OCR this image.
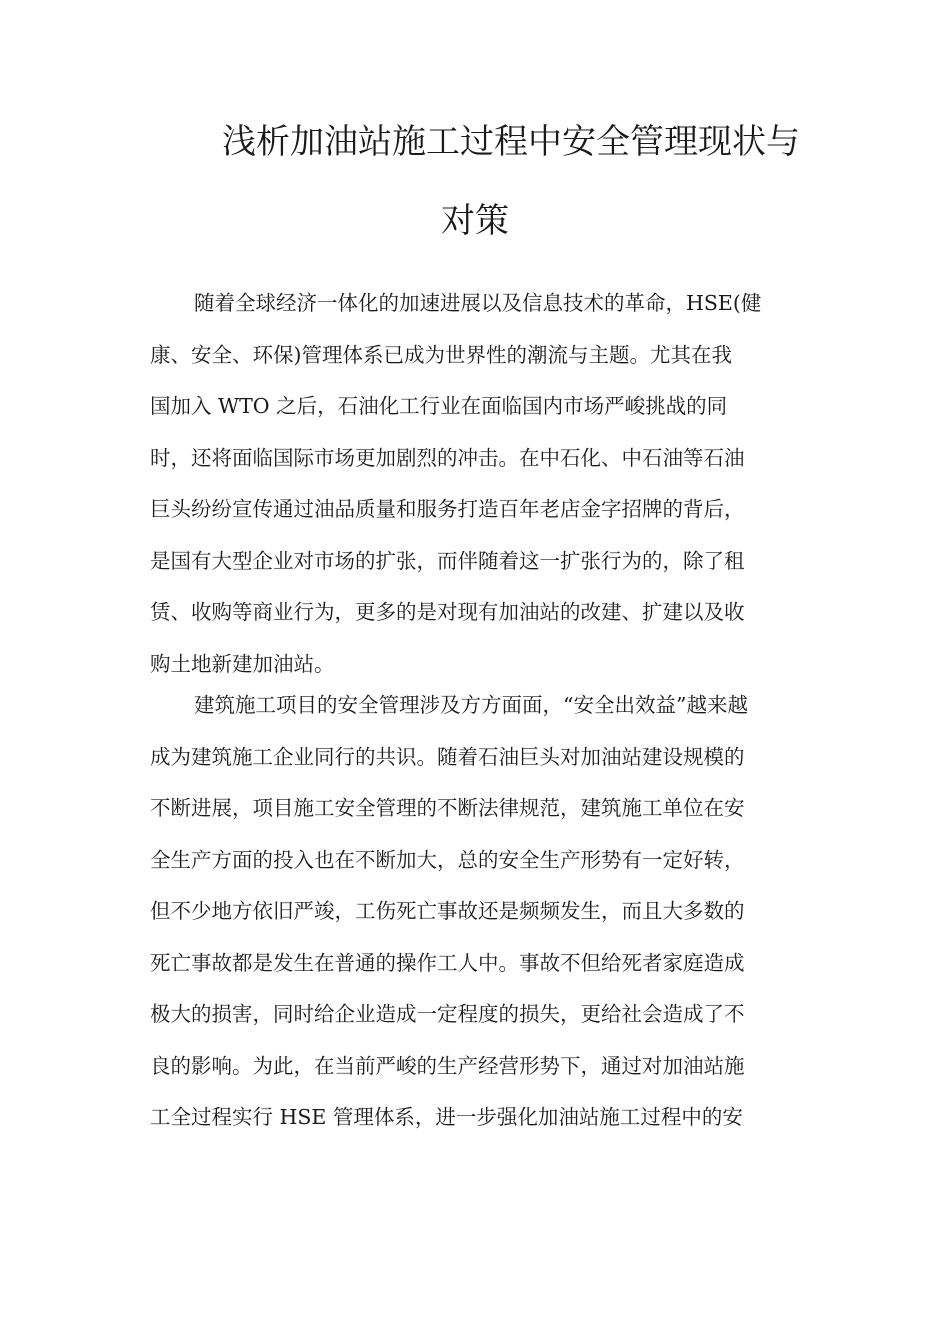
浅析加油站施工过程中安全管理现状与
对策
随着全球经济一体化的加速进展以及信息技术的革命，HSE(健
康、安全、环保)管理体系已成为世界性的潮流与主题。尤其在我
国加入 WTO 之后，石油化工行业在面临国内市场严峻挑战的同
时，还将面临国际市场更加剧烈的冲击。在中石化、中石油等石油
巨头纷纷宣传通过油品质量和服务打造百年老店金字招牌的背后，
是国有大型企业对市场的扩张，而伴随着这一扩张行为的，除了租
赁、收购等商业行为，更多的是对现有加油站的改建、扩建以及收
购土地新建加油站。
建筑施工项目的安全管理涉及方方面面，“安全出效益”越来越
成为建筑施工企业同行的共识。随着石油巨头对加油站建设规模的
不断进展，项目施工安全管理的不断法律规范，建筑施工单位在安
全生产方面的投入也在不断加大，总的安全生产形势有一定好转，
但不少地方依旧严竣，工伤死亡事故还是频频发生，而且大多数的
死亡事故都是发生在普通的操作工人中。事故不但给死者家庭造成
极大的损害，同时给企业造成一定程度的损失，更给社会造成了不
良的影响。为此，在当前严峻的生产经营形势下，通过对加油站施
工全过程实行 HSE 管理体系，进一步强化加油站施工过程中的安
